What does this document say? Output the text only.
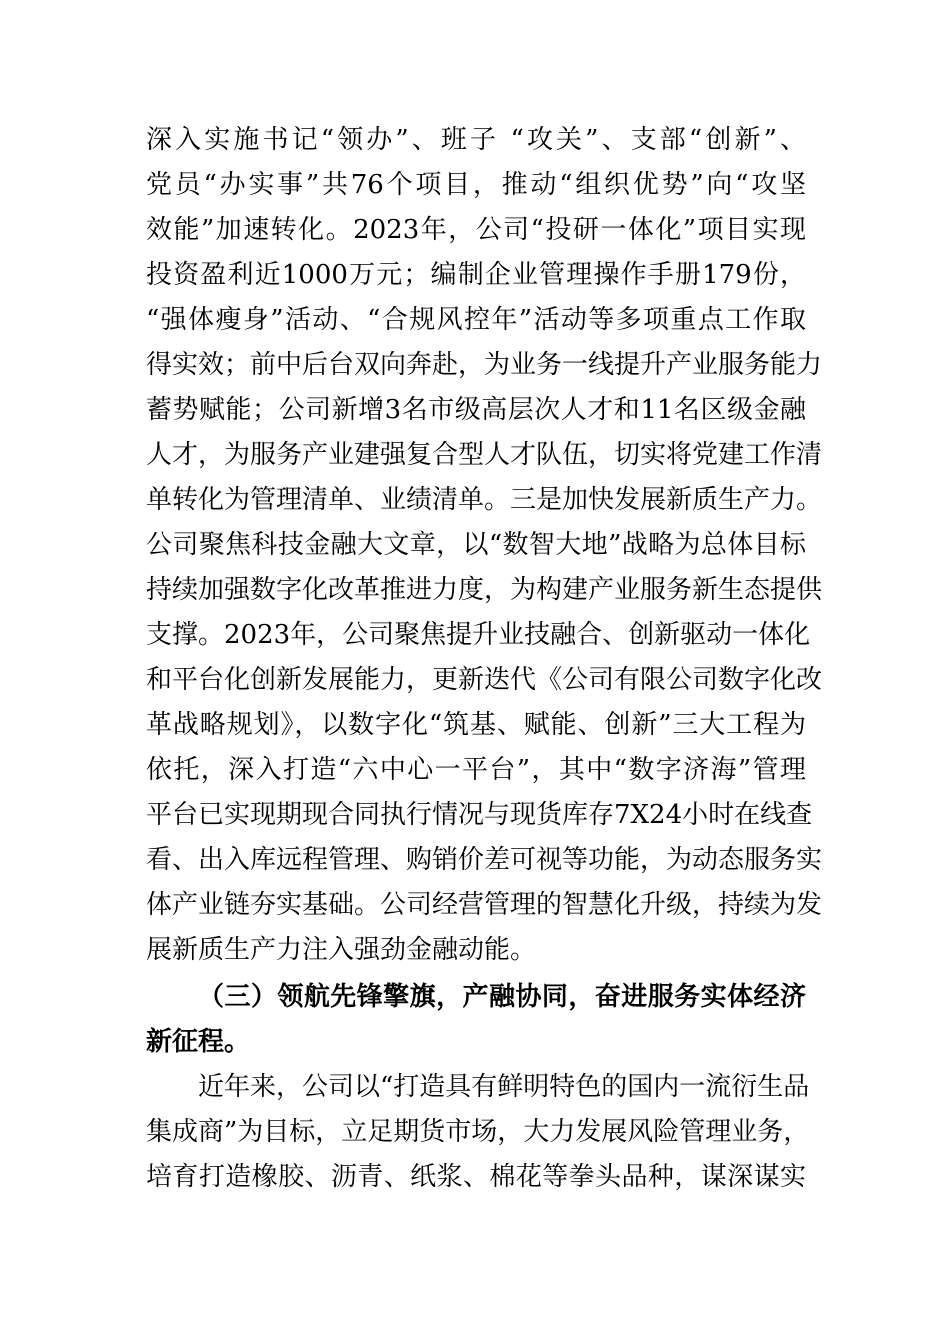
深入实施书记“领办”、班子 “攻关”、支部“创新”、
党员“办实事”共76个项目，推动“组织优势”向“攻坚
效能”加速转化。2023年，公司“投研一体化”项目实现
投资盈利近1000万元；编制企业管理操作手册179份，
“强体瘦身”活动、“合规风控年”活动等多项重点工作取
得实效；前中后台双向奔赴，为业务一线提升产业服务能力
蓄势赋能；公司新增3名市级高层次人才和11名区级金融
人才，为服务产业建强复合型人才队伍，切实将党建工作清
单转化为管理清单、业绩清单。三是加快发展新质生产力。
公司聚焦科技金融大文章，以“数智大地”战略为总体目标
持续加强数字化改革推进力度，为构建产业服务新生态提供
支撑。2023年，公司聚焦提升业技融合、创新驱动一体化
和平台化创新发展能力，更新迭代《公司有限公司数字化改
革战略规划》，以数字化“筑基、赋能、创新”三大工程为
依托，深入打造“六中心一平台”，其中“数字济海”管理
平台已实现期现合同执行情况与现货库存7X24小时在线查
看、出入库远程管理、购销价差可视等功能，为动态服务实
体产业链夯实基础。公司经营管理的智慧化升级，持续为发
展新质生产力注入强劲金融动能。
（三）领航先锋擎旗，产融协同，奋进服务实体经济
新征程。
近年来，公司以“打造具有鲜明特色的国内一流衍生品
集成商”为目标，立足期货市场，大力发展风险管理业务，
培育打造橡胶、沥青、纸浆、棉花等拳头品种，谋深谋实
